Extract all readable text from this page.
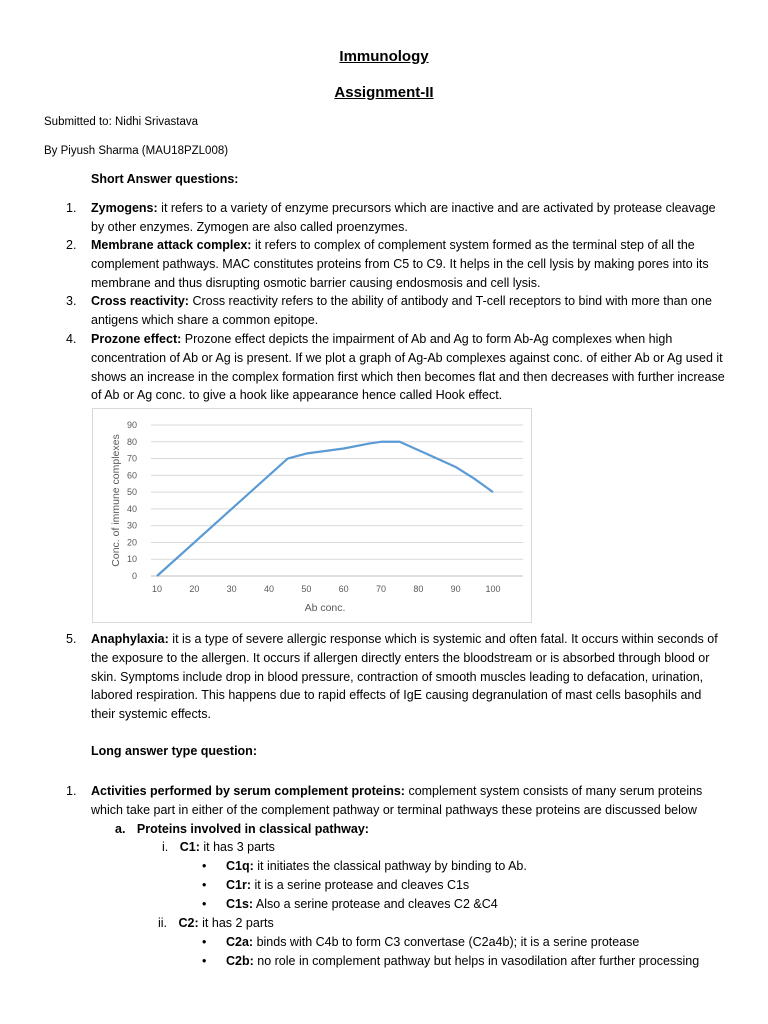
Immunology
Assignment-II
Submitted to: Nidhi Srivastava
By Piyush Sharma (MAU18PZL008)
Short Answer questions:
1.	Zymogens: it refers to a variety of enzyme precursors which are inactive and are activated by protease cleavage by other enzymes. Zymogen are also called proenzymes.
2.	Membrane attack complex: it refers to complex of complement system formed as the terminal step of all the complement pathways. MAC constitutes proteins from C5 to C9. It helps in the cell lysis by making pores into its membrane and thus disrupting osmotic barrier causing endosmosis and cell lysis.
3.	Cross reactivity: Cross reactivity refers to the ability of antibody and T-cell receptors to bind with more than one antigens which share a common epitope.
4.	Prozone effect: Prozone effect depicts the impairment of Ab and Ag to form Ab-Ag complexes when high concentration of Ab or Ag is present. If we plot a graph of Ag-Ab complexes against conc. of either Ab or Ag used it shows an increase in the complex formation first which then becomes flat and then decreases with further increase of Ab or Ag conc. to give a hook like appearance hence called Hook effect.
0
10
20
30
40
50
60
70
80
90
10	20	30	40	50	60	70	80	90	100
Ab conc.
Conc. of immune complexes
5.	Anaphylaxia: it is a type of severe allergic response which is systemic and often fatal. It occurs within seconds of the exposure to the allergen. It occurs if allergen directly enters the bloodstream or is absorbed through blood or skin. Symptoms include drop in blood pressure, contraction of smooth muscles leading to defacation, urination, labored respiration. This happens due to rapid effects of IgE causing degranulation of mast cells basophils and their systemic effects.
Long answer type question:
1.	Activities performed by serum complement proteins: complement system consists of many serum proteins which take part in either of the complement pathway or terminal pathways these proteins are discussed below
a. Proteins involved in classical pathway:
i. C1: it has 3 parts
• C1q: it initiates the classical pathway by binding to Ab.
• C1r: it is a serine protease and cleaves C1s
• C1s: Also a serine protease and cleaves C2 &C4
ii. C2: it has 2 parts
• C2a: binds with C4b to form C3 convertase (C2a4b); it is a serine protease
• C2b: no role in complement pathway but helps in vasodilation after further processing
